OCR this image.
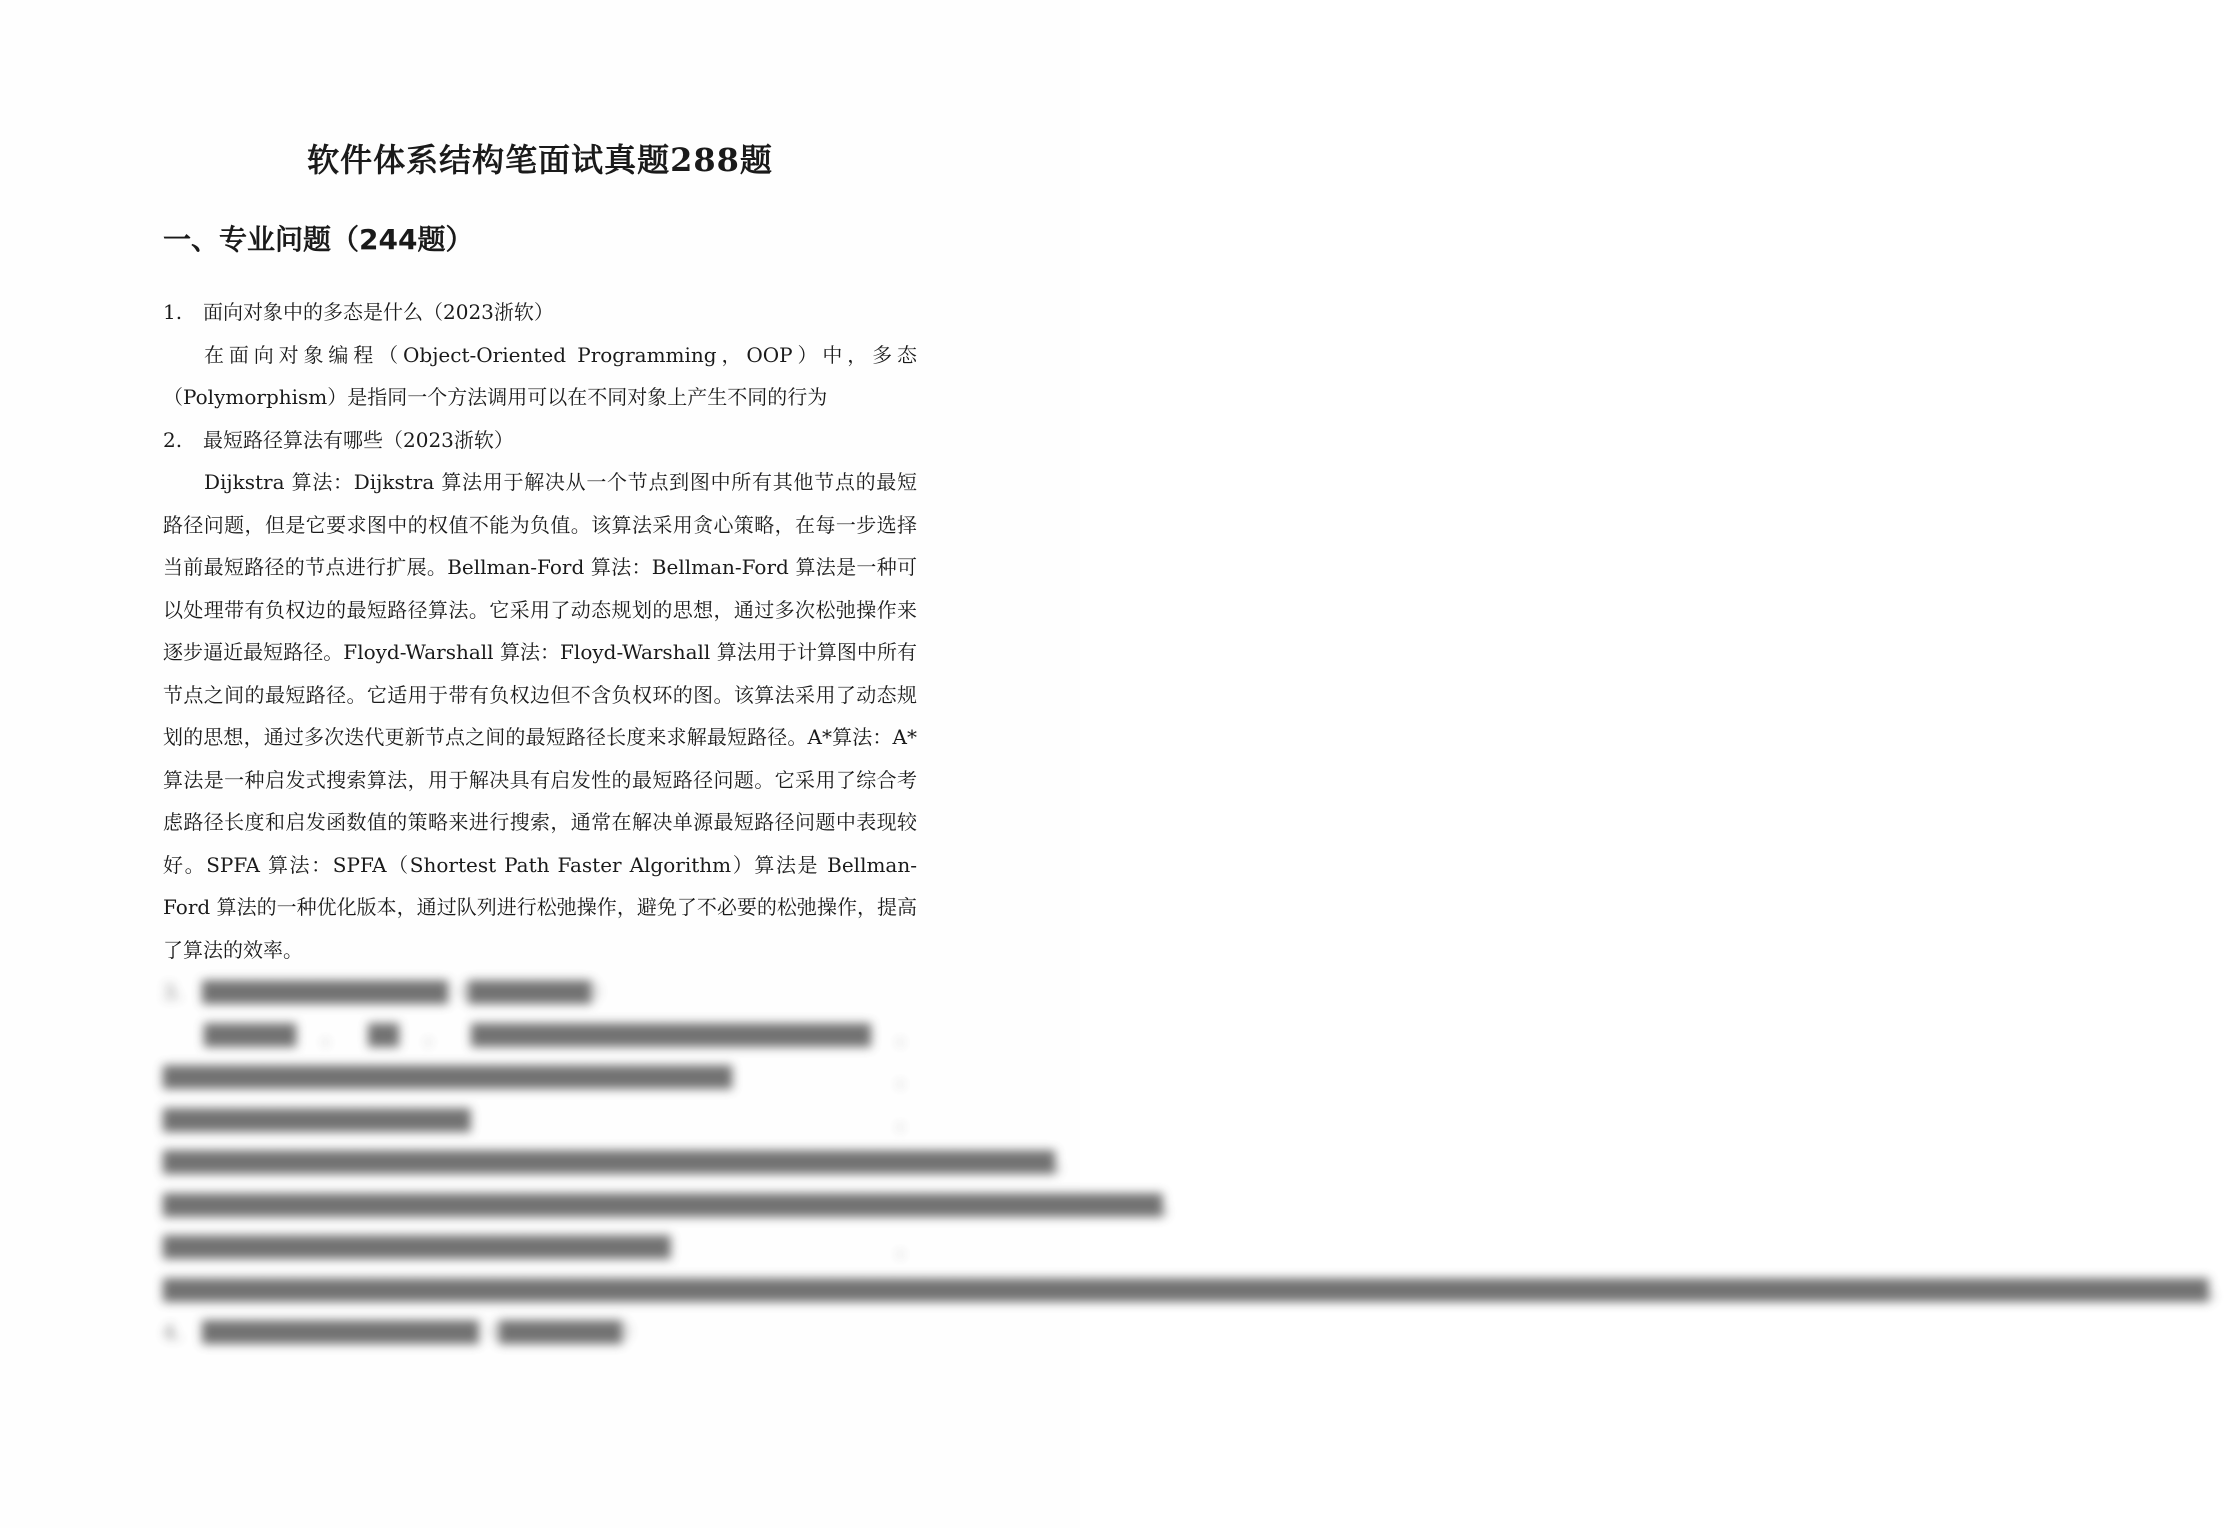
软件体系结构笔面试真题288题
一、专业问题（244题）

1. 面向对象中的多态是什么（2023浙软）

在面向对象编程（Object-Oriented Programming，OOP）中，多态（Polymorphism）是指同一个方法调用可以在不同对象上产生不同的行为

2. 最短路径算法有哪些（2023浙软）

Dijkstra 算法：Dijkstra 算法用于解决从一个节点到图中所有其他节点的最短路径问题，但是它要求图中的权值不能为负值。该算法采用贪心策略，在每一步选择当前最短路径的节点进行扩展。Bellman-Ford 算法：Bellman-Ford 算法是一种可以处理带有负权边的最短路径算法。它采用了动态规划的思想，通过多次松弛操作来逐步逼近最短路径。Floyd-Warshall 算法：Floyd-Warshall 算法用于计算图中所有节点之间的最短路径。它适用于带有负权边但不含负权环的图。该算法采用了动态规划的思想，通过多次迭代更新节点之间的最短路径长度来求解最短路径。A*算法：A*算法是一种启发式搜索算法，用于解决具有启发性的最短路径问题。它采用了综合考虑路径长度和启发函数值的策略来进行搜索，通常在解决单源最短路径问题中表现较好。SPFA 算法：SPFA（Shortest Path Faster Algorithm）算法是 Bellman-Ford 算法的一种优化版本，通过队列进行松弛操作，避免了不必要的松弛操作，提高了算法的效率。

3.　████████████████（████████）

██████，██，██████████████████████████，█████████████████████████████████████，████████████████████，██████████████████████████████████████████████████████████，█████████████████████████████████████████████████████████████████，█████████████████████████████████，█████████████████████████████████████████████████████████████████████████████████████████████████████████████████████████████████████。

4.　██████████████████（████████）
